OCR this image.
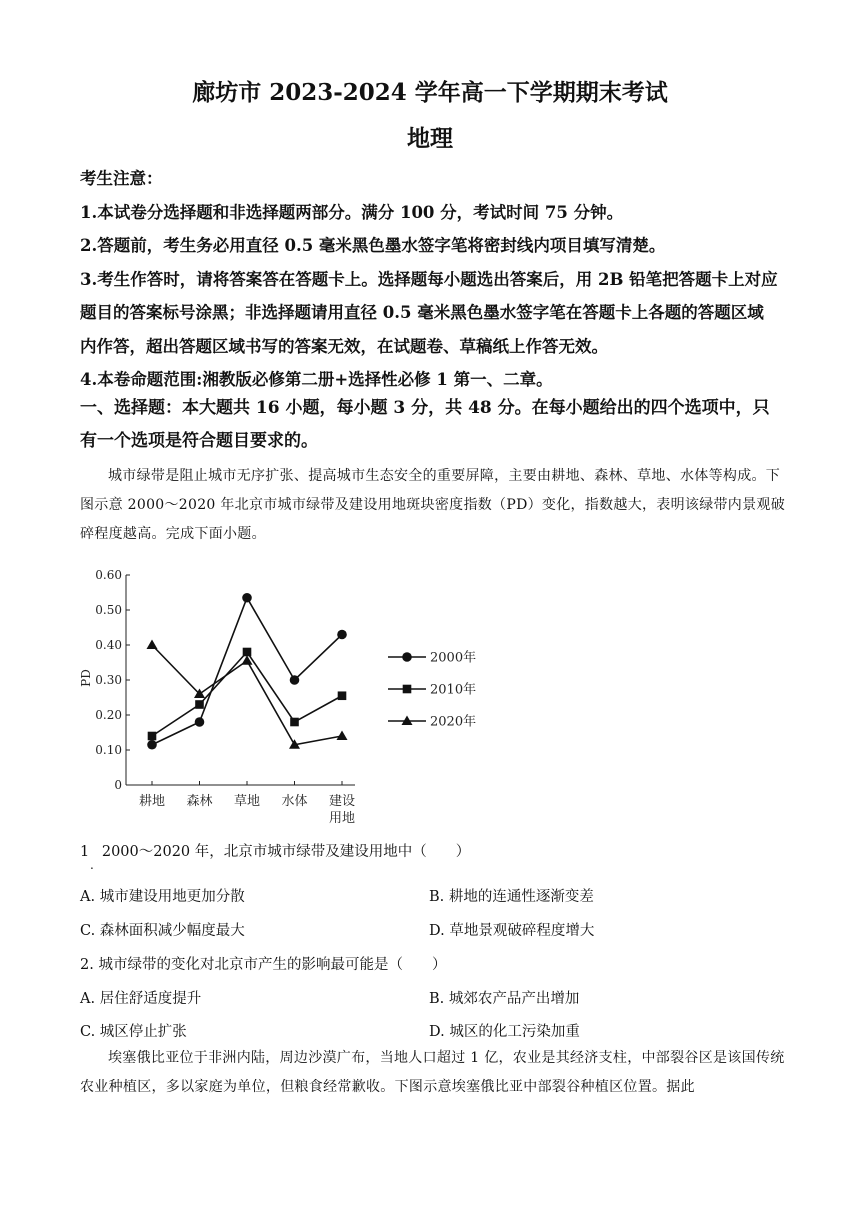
廊坊市 2023-2024 学年高一下学期期末考试
地理

考生注意：

1.本试卷分选择题和非选择题两部分。满分 100 分，考试时间 75 分钟。

2.答题前，考生务必用直径 0.5 毫米黑色墨水签字笔将密封线内项目填写清楚。

3.考生作答时，请将答案答在答题卡上。选择题每小题选出答案后，用 2B 铅笔把答题卡上对应题目的答案标号涂黑；非选择题请用直径 0.5 毫米黑色墨水签字笔在答题卡上各题的答题区域内作答，超出答题区域书写的答案无效，在试题卷、草稿纸上作答无效。

4.本卷命题范围:湘教版必修第二册+选择性必修 1 第一、二章。

一、选择题：本大题共 16 小题，每小题 3 分，共 48 分。在每小题给出的四个选项中，只有一个选项是符合题目要求的。

城市绿带是阻止城市无序扩张、提高城市生态安全的重要屏障，主要由耕地、森林、草地、水体等构成。下图示意 2000～2020 年北京市城市绿带及建设用地斑块密度指数（PD）变化，指数越大，表明该绿带内景观破碎程度越高。完成下面小题。
0
0.10
0.20
0.30
0.40
0.50
0.60
PD
耕地 森林 草地 水体 建设
用地
2000年
2010年
2020年
1 2000～2020 年，北京市城市绿带及建设用地中（　　）
.
A. 城市建设用地更加分散	B. 耕地的连通性逐渐变差
C. 森林面积减少幅度最大	D. 草地景观破碎程度增大
2. 城市绿带的变化对北京市产生的影响最可能是（　　）
A. 居住舒适度提升	B. 城郊农产品产出增加
C. 城区停止扩张	D. 城区的化工污染加重
埃塞俄比亚位于非洲内陆，周边沙漠广布，当地人口超过 1 亿，农业是其经济支柱，中部裂谷区是该国传统农业种植区，多以家庭为单位，但粮食经常歉收。下图示意埃塞俄比亚中部裂谷种植区位置。据此
